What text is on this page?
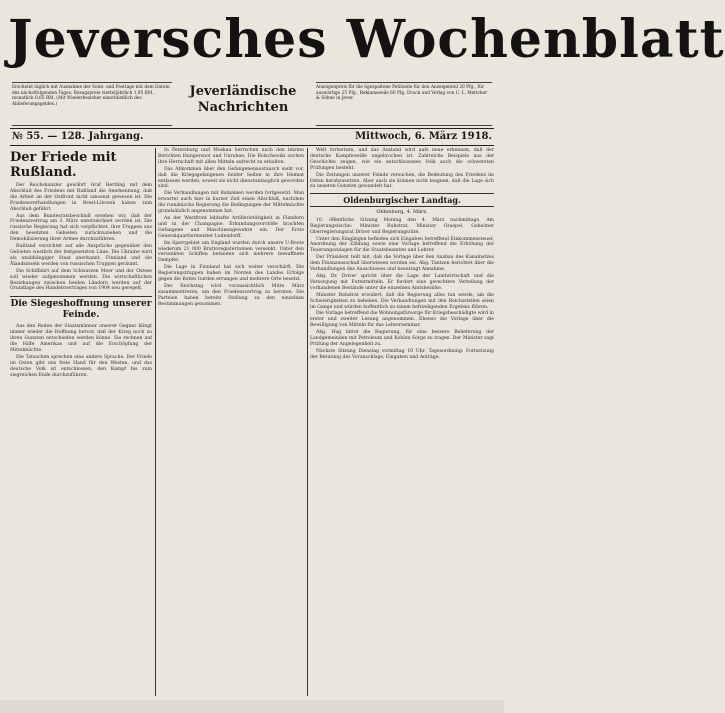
Jeversches Wochenblatt
Erscheint täglich mit Ausnahme der Sonn- und Festtage mit dem Datum des nächstfolgenden Tages. Bezugspreis vierteljährlich 1,95 RM., monatlich 0,65 RM. (Mit Wiederbezieher einschließlich des Ablieferungsgeldes.)
Jeverländische
Nachrichten
Anzeigenpreis für die 6gespaltene Petitzeile für den Anzeigenteil 20 Pfg., für auswärtige 25 Pfg., Reklamezeile 60 Pfg. Druck und Verlag von C. L. Mettcker & Söhne in Jever.
№ 55. — 128. Jahrgang.	Mittwoch, 6. März 1918.
Der Friede mit Rußland.

Der Reichskanzler gewährt Graf Hertling mit dem Abschluß des Friedens mit Rußland die Anerkennung, daß die Arbeit an der Ostfront nicht umsonst gewesen ist. Die Friedensverhandlungen in Brest-Litowsk haben zum Abschluß geführt.

Aus dem Bundesratsbeschluß ersehen wir, daß der Friedensvertrag am 3. März unterzeichnet worden ist. Die russische Regierung hat sich verpflichtet, ihre Truppen aus den besetzten Gebieten zurückzuziehen und die Demobilisierung ihrer Armee durchzuführen.

Rußland verzichtet auf alle Ansprüche gegenüber den Gebieten westlich der festgesetzten Linie. Die Ukraine wird als unabhängiger Staat anerkannt. Finnland und die Ålandsinseln werden von russischen Truppen geräumt.

Die Schiffahrt auf dem Schwarzen Meer und der Ostsee soll wieder aufgenommen werden. Die wirtschaftlichen Beziehungen zwischen beiden Ländern werden auf der Grundlage des Handelsvertrages von 1904 neu geregelt.

Die Siegeshoffnung unserer Feinde.

Aus den Reden der Staatsmänner unserer Gegner klingt immer wieder die Hoffnung hervor, daß der Krieg noch zu ihren Gunsten entschieden werden könne. Sie rechnen auf die Hilfe Amerikas und auf die Erschöpfung der Mittelmächte.

Die Tatsachen sprechen eine andere Sprache. Der Friede im Osten gibt uns freie Hand für den Westen, und das deutsche Volk ist entschlossen, den Kampf bis zum siegreichen Ende durchzuführen.

In Petersburg und Moskau herrschen nach den letzten Berichten Hungersnot und Unruhen. Die Bolschewiki suchen ihre Herrschaft mit allen Mitteln aufrecht zu erhalten.

Das Abkommen über den Gefangenenaustausch sieht vor, daß die Kriegsgefangenen beider Seiten in ihre Heimat entlassen werden, soweit sie nicht dienstuntauglich geworden sind.

Die Verhandlungen mit Rumänien werden fortgesetzt. Man erwartet auch hier in kurzer Zeit einen Abschluß, nachdem die rumänische Regierung die Bedingungen der Mittelmächte grundsätzlich angenommen hat.

An der Westfront lebhafte Artillerietätigkeit in Flandern und in der Champagne. Erkundungsvorstöße brachten Gefangene und Maschinengewehre ein. Der Erste Generalquartiermeister Ludendorff.

Im Sperrgebiet um England wurden durch unsere U-Boote wiederum 21 000 Bruttoregistertonnen versenkt. Unter den versenkten Schiffen befanden sich mehrere bewaffnete Dampfer.

Die Lage in Finnland hat sich weiter verschärft. Die Regierungstruppen haben im Norden des Landes Erfolge gegen die Roten Garden errungen und mehrere Orte besetzt.

Der Reichstag wird voraussichtlich Mitte März zusammentreten, um den Friedensvertrag zu beraten. Die Parteien haben bereits Stellung zu den einzelnen Bestimmungen genommen.

Welt fortsetzen, und das Ausland wird aufs neue erkennen, daß der deutsche Kampfeswille ungebrochen ist. Zahlreiche Beispiele aus der Geschichte zeigen, wie ein entschlossenes Volk auch die schwersten Prüfungen besteht.

Die Zeitungen unserer Feinde versuchen, die Bedeutung des Friedens im Osten herabzusetzen. Aber auch sie können nicht leugnen, daß die Lage sich zu unseren Gunsten gewandelt hat.

Oldenburgischer Landtag.
Oldenburg, 4. März.

10. öffentliche Sitzung Montag den 4. März nachmittags. Am Regierungstische: Minister Ruhstrat, Minister Graepel, Geheimer Oberregierungsrat Driver und Regierungsräte.

Unter den Eingängen befinden sich Eingaben betreffend Einkommensteuer, Anordnung der Zählung sowie eine Vorlage betreffend die Erhöhung der Teuerungszulagen für die Staatsbeamten und Lehrer.

Der Präsident teilt mit, daß die Vorlage über den Ausbau des Kanalnetzes dem Finanzausschuß überwiesen worden sei. Abg. Tantzen berichtet über die Verhandlungen des Ausschusses und beantragt Annahme.

Abg. Dr. Driver spricht über die Lage der Landwirtschaft und die Versorgung mit Futtermitteln. Er fordert eine gerechtere Verteilung der vorhandenen Bestände unter die einzelnen Amtsbezirke.

Minister Ruhstrat erwidert, daß die Regierung alles tun werde, um die Schwierigkeiten zu beheben. Die Verhandlungen mit den Reichsstellen seien im Gange und würden hoffentlich zu einem befriedigenden Ergebnis führen.

Die Vorlage betreffend die Wohnungsfürsorge für Kriegsbeschädigte wird in erster und zweiter Lesung angenommen. Ebenso die Vorlage über die Bewilligung von Mitteln für das Lehrerseminar.

Abg. Hug bittet die Regierung, für eine bessere Belieferung der Landgemeinden mit Petroleum und Kohlen Sorge zu tragen. Der Minister sagt Prüfung der Angelegenheit zu.

Nächste Sitzung Dienstag vormittag 10 Uhr. Tagesordnung: Fortsetzung der Beratung des Voranschlags, Eingaben und Anträge.
